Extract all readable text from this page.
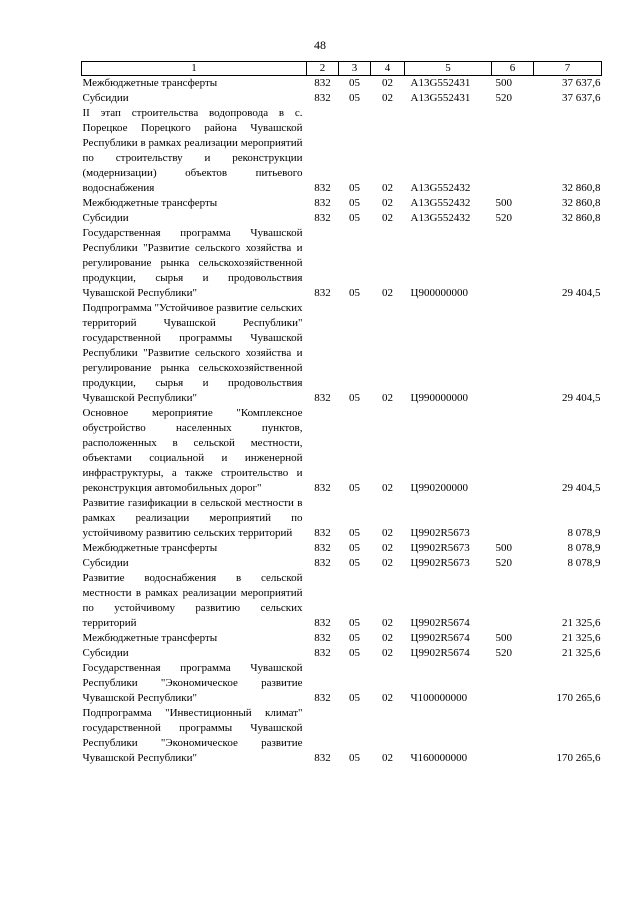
48
1	2	3	4	5	6	7
Межбюджетные трансферты	832	05	02	A13G552431	500	37 637,6
Субсидии	832	05	02	A13G552431	520	37 637,6
II этап строительства водопровода в с. Порецкое Порецкого района Чувашской Республики в рамках реализации мероприятий по строительству и реконструкции (модернизации) объектов питьевого водоснабжения	832	05	02	A13G552432		32 860,8
Межбюджетные трансферты	832	05	02	A13G552432	500	32 860,8
Субсидии	832	05	02	A13G552432	520	32 860,8
Государственная программа Чувашской Республики "Развитие сельского хозяйства и регулирование рынка сельскохозяйственной продукции, сырья и продовольствия Чувашской Республики"	832	05	02	Ц900000000		29 404,5
Подпрограмма "Устойчивое развитие сельских территорий Чувашской Республики" государственной программы Чувашской Республики "Развитие сельского хозяйства и регулирование рынка сельскохозяйственной продукции, сырья и продовольствия Чувашской Республики"	832	05	02	Ц990000000		29 404,5
Основное мероприятие "Комплексное обустройство населенных пунктов, расположенных в сельской местности, объектами социальной и инженерной инфраструктуры, а также строительство и реконструкция автомобильных дорог"	832	05	02	Ц990200000		29 404,5
Развитие газификации в сельской местности в рамках реализации мероприятий по устойчивому развитию сельских территорий	832	05	02	Ц9902R5673		8 078,9
Межбюджетные трансферты	832	05	02	Ц9902R5673	500	8 078,9
Субсидии	832	05	02	Ц9902R5673	520	8 078,9
Развитие водоснабжения в сельской местности в рамках реализации мероприятий по устойчивому развитию сельских территорий	832	05	02	Ц9902R5674		21 325,6
Межбюджетные трансферты	832	05	02	Ц9902R5674	500	21 325,6
Субсидии	832	05	02	Ц9902R5674	520	21 325,6
Государственная программа Чувашской Республики "Экономическое развитие Чувашской Республики"	832	05	02	Ч100000000		170 265,6
Подпрограмма "Инвестиционный климат" государственной программы Чувашской Республики "Экономическое развитие Чувашской Республики"	832	05	02	Ч160000000		170 265,6
